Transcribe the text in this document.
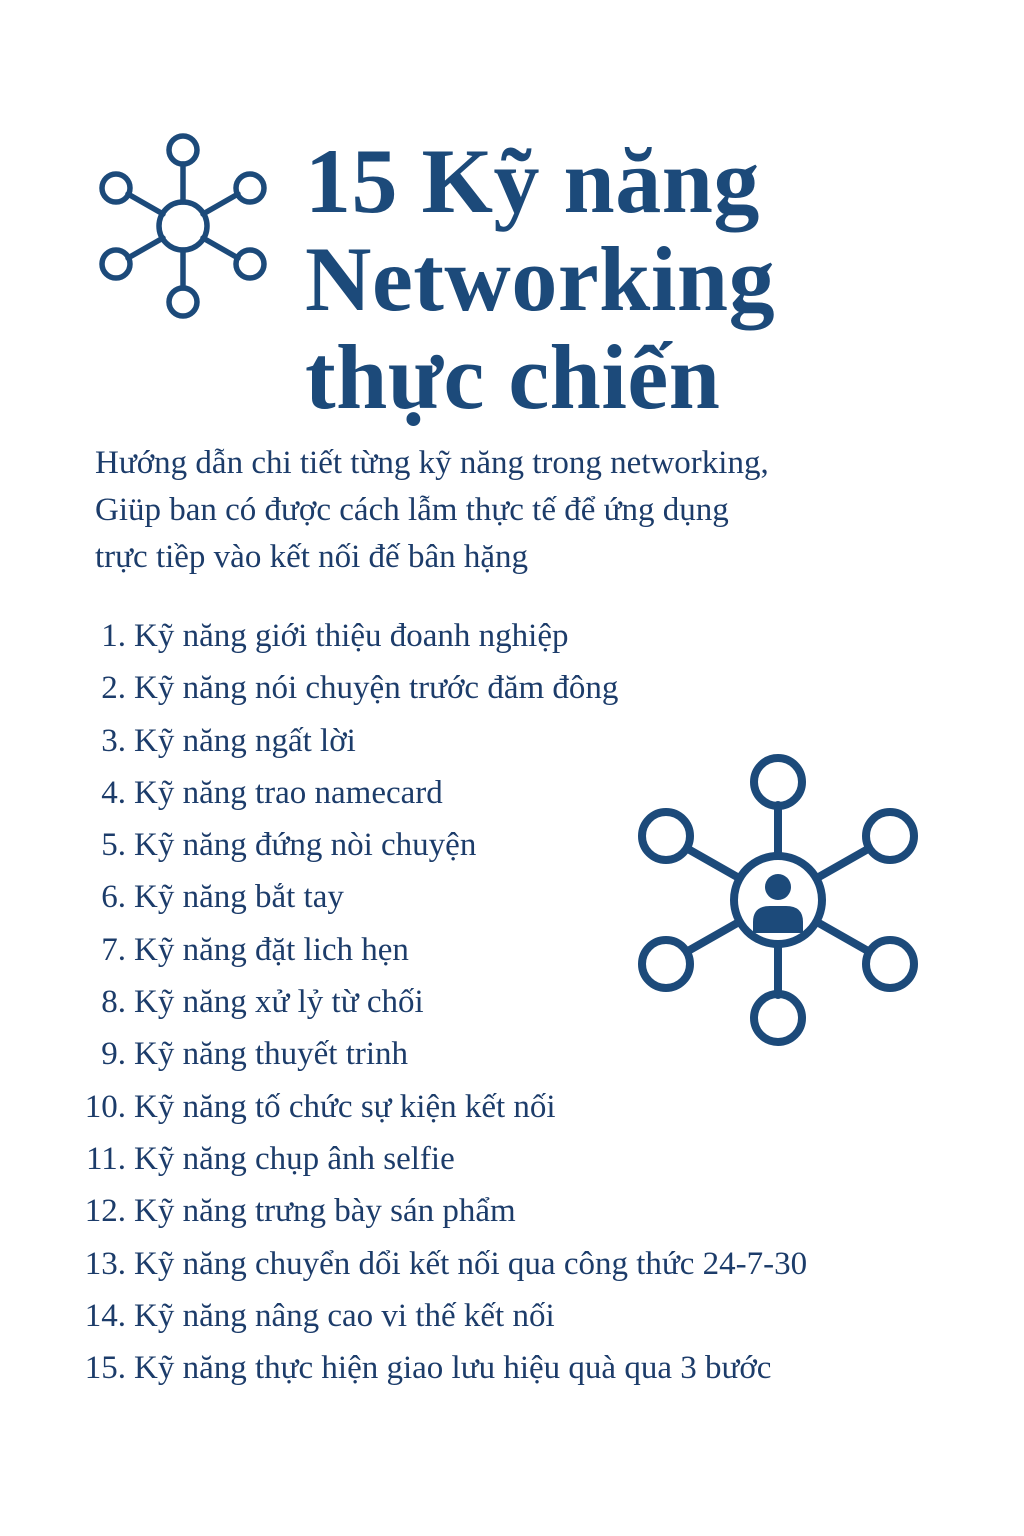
15 Kỹ năng
Networking
thực chiến

Hướng dẫn chi tiết từng kỹ năng trong networking,
Giüp ban có được cách lẫm thực tế để ứng dụng
trực tiềp vào kết nối đế bân hặng

1. Kỹ năng giới thiệu đoanh nghiệp
2. Kỹ năng nói chuyện trước đăm đông
3. Kỹ năng ngất lời
4. Kỹ năng trao namecard
5. Kỹ năng đứng nòi chuyện
6. Kỹ năng bắt tay
7. Kỹ năng đặt lich hẹn
8. Kỹ năng xử lỷ từ chối
9. Kỹ năng thuyết trinh
10. Kỹ năng tố chức sự kiện kết nối
11. Kỹ năng chụp ânh selfie
12. Kỹ năng trưng bày sán phẩm
13. Kỹ năng chuyển dổi kết nối qua công thức 24-7-30
14. Kỹ năng nâng cao vi thế kết nối
15. Kỹ năng thực hiện giao lưu hiệu quà qua 3 bước
